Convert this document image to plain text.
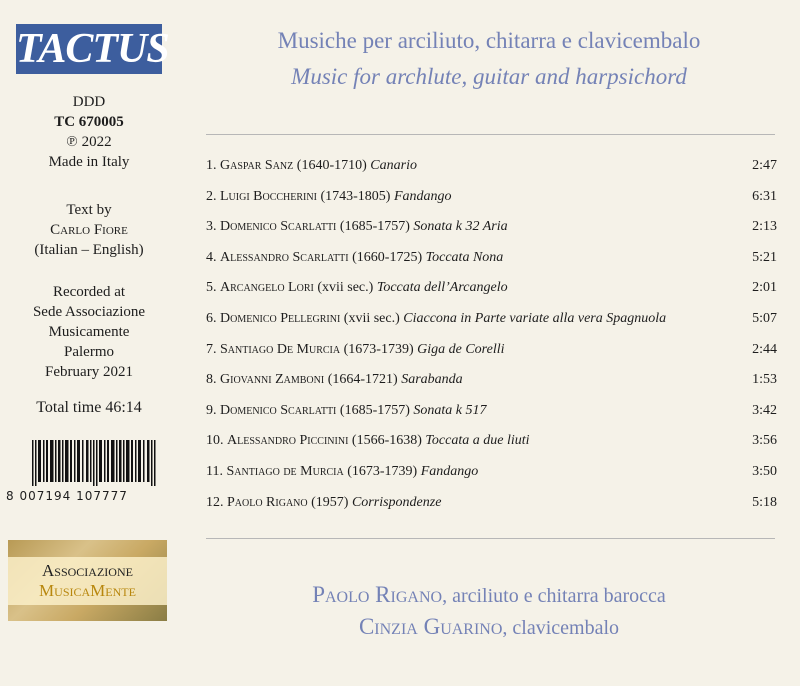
TACTUS
DDD
TC 670005
℗ 2022
Made in Italy
Text by
Carlo Fiore
(Italian – English)
Recorded at
Sede Associazione
Musicamente
Palermo
February 2021
Total time 46:14
8 007194 107777
Associazione
MusicaMente
Musiche per arciliuto, chitarra e clavicembalo
Music for archlute, guitar and harpsichord
1. Gaspar Sanz (1640-1710) Canario	2:47
2. Luigi Boccherini (1743-1805) Fandango	6:31
3. Domenico Scarlatti (1685-1757) Sonata k 32 Aria	2:13
4. Alessandro Scarlatti (1660-1725) Toccata Nona	5:21
5. Arcangelo Lori (xvii sec.) Toccata dell’Arcangelo	2:01
6. Domenico Pellegrini (xvii sec.) Ciaccona in Parte variate alla vera Spagnuola	5:07
7. Santiago De Murcia (1673-1739) Giga de Corelli	2:44
8. Giovanni Zamboni (1664-1721) Sarabanda	1:53
9. Domenico Scarlatti (1685-1757) Sonata k 517	3:42
10. Alessandro Piccinini (1566-1638) Toccata a due liuti	3:56
11. Santiago de Murcia (1673-1739) Fandango	3:50
12. Paolo Rigano (1957) Corrispondenze	5:18
Paolo Rigano, arciliuto e chitarra barocca
Cinzia Guarino, clavicembalo
